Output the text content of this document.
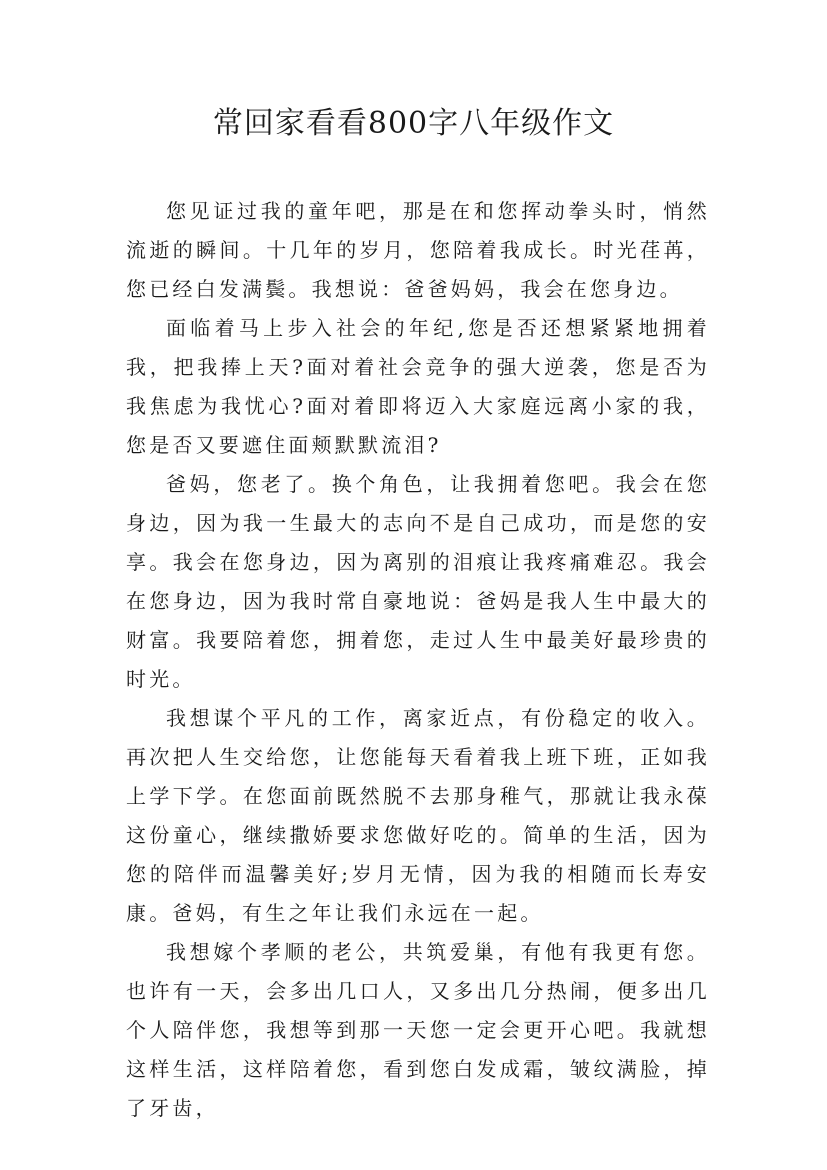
常回家看看800字八年级作文

您见证过我的童年吧，那是在和您挥动拳头时，悄然流逝的瞬间。十几年的岁月，您陪着我成长。时光荏苒，您已经白发满鬓。我想说：爸爸妈妈，我会在您身边。

面临着马上步入社会的年纪,您是否还想紧紧地拥着我，把我捧上天?面对着社会竞争的强大逆袭，您是否为我焦虑为我忧心?面对着即将迈入大家庭远离小家的我，您是否又要遮住面颊默默流泪?

爸妈，您老了。换个角色，让我拥着您吧。我会在您身边，因为我一生最大的志向不是自己成功，而是您的安享。我会在您身边，因为离别的泪痕让我疼痛难忍。我会在您身边，因为我时常自豪地说：爸妈是我人生中最大的财富。我要陪着您，拥着您，走过人生中最美好最珍贵的时光。

我想谋个平凡的工作，离家近点，有份稳定的收入。再次把人生交给您，让您能每天看着我上班下班，正如我上学下学。在您面前既然脱不去那身稚气，那就让我永葆这份童心，继续撒娇要求您做好吃的。简单的生活，因为您的陪伴而温馨美好;岁月无情，因为我的相随而长寿安康。爸妈，有生之年让我们永远在一起。

我想嫁个孝顺的老公，共筑爱巢，有他有我更有您。也许有一天，会多出几口人，又多出几分热闹，便多出几个人陪伴您，我想等到那一天您一定会更开心吧。我就想这样生活，这样陪着您，看到您白发成霜，皱纹满脸，掉了牙齿，
